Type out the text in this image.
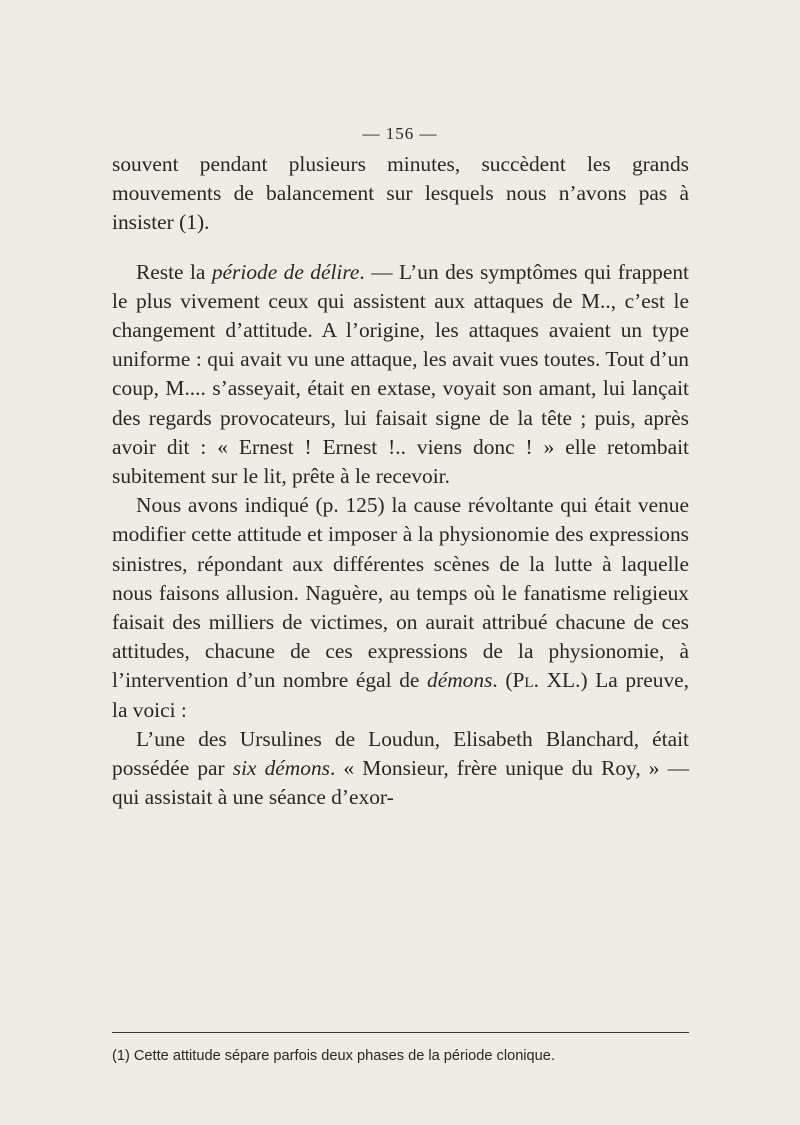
— 156 —

souvent pendant plusieurs minutes, succèdent les grands mouvements de balancement sur lesquels nous n’avons pas à insister (1).

Reste la période de délire. — L’un des symptômes qui frappent le plus vivement ceux qui assistent aux attaques de M.., c’est le changement d’attitude. A l’origine, les attaques avaient un type uniforme : qui avait vu une attaque, les avait vues toutes. Tout d’un coup, M.... s’asseyait, était en extase, voyait son amant, lui lançait des regards provocateurs, lui faisait signe de la tête ; puis, après avoir dit : « Ernest ! Ernest !.. viens donc ! » elle retombait subitement sur le lit, prête à le recevoir.

Nous avons indiqué (p. 125) la cause révoltante qui était venue modifier cette attitude et imposer à la physionomie des expressions sinistres, répondant aux différentes scènes de la lutte à laquelle nous faisons allusion. Naguère, au temps où le fanatisme religieux faisait des milliers de victimes, on aurait attribué chacune de ces attitudes, chacune de ces expressions de la physionomie, à l’intervention d’un nombre égal de démons. (Pl. XL.) La preuve, la voici :

L’une des Ursulines de Loudun, Elisabeth Blanchard, était possédée par six démons. « Monsieur, frère unique du Roy, » — qui assistait à une séance d’exor-

(1) Cette attitude sépare parfois deux phases de la période clonique.
